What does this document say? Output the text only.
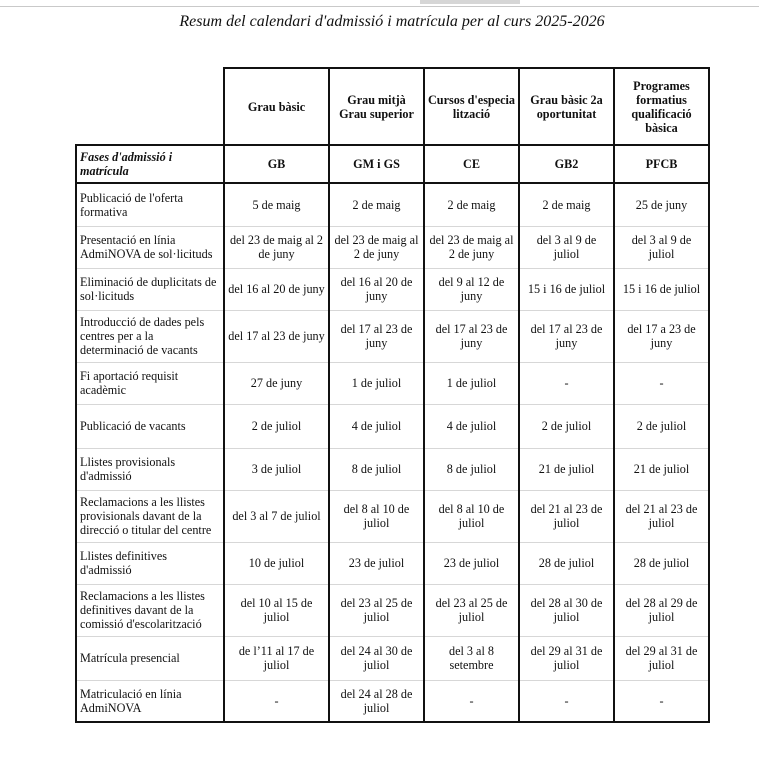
Resum del calendari d'admissió i matrícula per al curs 2025-2026
	Grau bàsic	Grau mitjà Grau superior	Cursos d'especialització	Grau bàsic 2a oportunitat	Programes formatius qualificació bàsica
Fases d'admissió i matrícula	GB	GM i GS	CE	GB2	PFCB
Publicació de l'oferta formativa	5 de maig	2 de maig	2 de maig	2 de maig	25 de juny
Presentació en línia AdmiNOVA de sol·licituds	del 23 de maig al 2 de juny	del 23 de maig al 2 de juny	del 23 de maig al 2 de juny	del 3 al 9 de juliol	del 3 al 9 de juliol
Eliminació de duplicitats de sol·licituds	del 16 al 20 de juny	del 16 al 20 de juny	del 9 al 12 de juny	15 i 16 de juliol	15 i 16 de juliol
Introducció de dades pels centres per a la determinació de vacants	del 17 al 23 de juny	del 17 al 23 de juny	del 17 al 23 de juny	del 17 al 23 de juny	del 17 a 23 de juny
Fi aportació requisit acadèmic	27 de juny	1 de juliol	1 de juliol	-	-
Publicació de vacants	2 de juliol	4 de juliol	4 de juliol	2 de juliol	2 de juliol
Llistes provisionals d'admissió	3 de juliol	8 de juliol	8 de juliol	21 de juliol	21 de juliol
Reclamacions a les llistes provisionals davant de la direcció o titular del centre	del 3 al 7 de juliol	del 8 al 10 de juliol	del 8 al 10 de juliol	del 21 al 23 de juliol	del 21 al 23 de juliol
Llistes definitives d'admissió	10 de juliol	23 de juliol	23 de juliol	28 de juliol	28 de juliol
Reclamacions a les llistes definitives davant de la comissió d'escolarització	del 10 al 15 de juliol	del 23 al 25 de juliol	del 23 al 25 de juliol	del 28 al 30 de juliol	del 28 al 29 de juliol
Matrícula presencial	de l’11 al 17 de juliol	del 24 al 30 de juliol	del 3 al 8 setembre	del 29 al 31 de juliol	del 29 al 31 de juliol
Matriculació en línia AdmiNOVA	-	del 24 al 28 de juliol	-	-	-
